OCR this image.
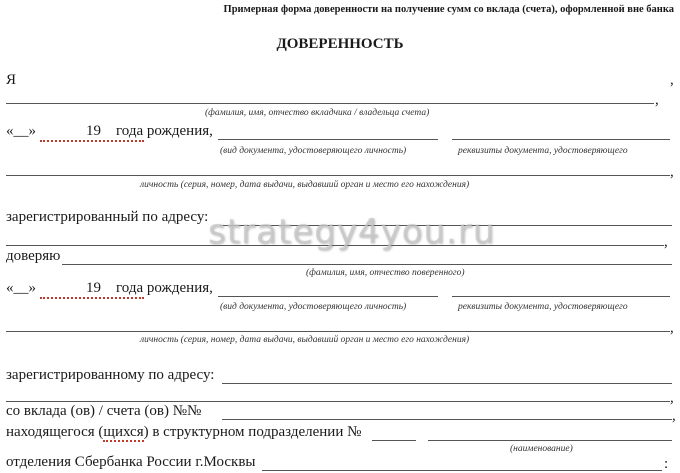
Примерная форма доверенности на получение сумм со вклада (счета), оформленной вне банка
ДОВЕРЕННОСТЬ
Я	,
,
(фамилия, имя, отчество вкладчика / владельца счета)
«__»	19	года рождения,
(вид документа, удостоверяющего личность)	реквизиты документа, удостоверяющего
,
личность (серия, номер, дата выдачи, выдавший орган и место его нахождения)
зарегистрированный по адресу:
,
доверяю
(фамилия, имя, отчество поверенного)
«__»	19	года рождения,
(вид документа, удостоверяющего личность)	реквизиты документа, удостоверяющего
,
личность (серия, номер, дата выдачи, выдавший орган и место его нахождения)
зарегистрированному по адресу:
,
со вклада (ов) / счета (ов) №№	,
находящегося (щихся) в структурном подразделении №
(наименование)
отделения Сбербанка России г.Москвы	:
strategy4you.ru
